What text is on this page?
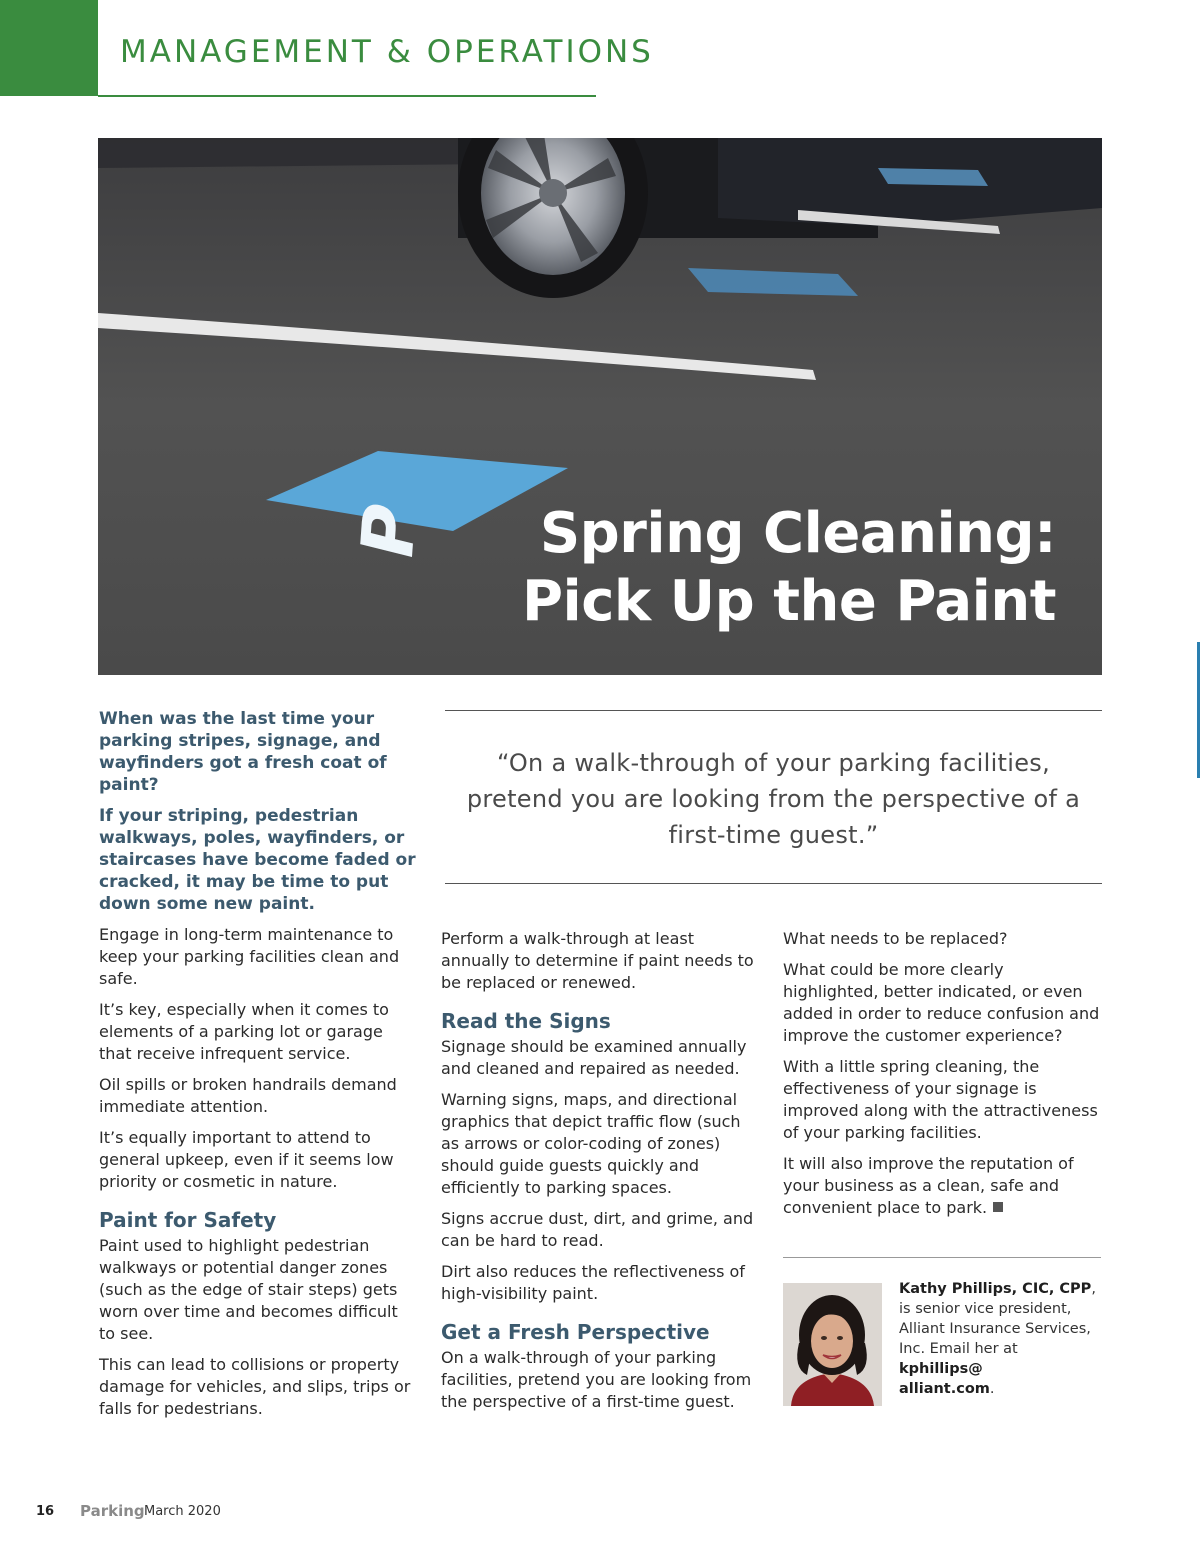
MANAGEMENT & OPERATIONS
P	Spring Cleaning:
Pick Up the Paint

When was the last time your parking stripes, signage, and wayfinders got a fresh coat of paint?

If your striping, pedestrian walkways, poles, wayfinders, or staircases have become faded or cracked, it may be time to put down some new paint.

Engage in long-term maintenance to keep your parking facilities clean and safe.

It’s key, especially when it comes to elements of a parking lot or garage that receive infrequent service.

Oil spills or broken handrails demand immediate attention.

It’s equally important to attend to general upkeep, even if it seems low priority or cosmetic in nature.

Paint for Safety

Paint used to highlight pedestrian walkways or potential danger zones (such as the edge of stair steps) gets worn over time and becomes difficult to see.

This can lead to collisions or property damage for vehicles, and slips, trips or falls for pedestrians.

“On a walk-through of your parking facilities, pretend you are looking from the perspective of a first-time guest.”

Perform a walk-through at least annually to determine if paint needs to be replaced or renewed.

Read the Signs

Signage should be examined annually and cleaned and repaired as needed.

Warning signs, maps, and directional graphics that depict traffic flow (such as arrows or color-coding of zones) should guide guests quickly and efficiently to parking spaces.

Signs accrue dust, dirt, and grime, and can be hard to read.

Dirt also reduces the reflectiveness of high-visibility paint.

Get a Fresh Perspective

On a walk-through of your parking facilities, pretend you are looking from the perspective of a first-time guest.

What needs to be replaced?

What could be more clearly highlighted, better indicated, or even added in order to reduce confusion and improve the customer experience?

With a little spring cleaning, the effectiveness of your signage is improved along with the attractiveness of your parking facilities.

It will also improve the reputation of your business as a clean, safe and convenient place to park.

Kathy Phillips, CIC, CPP, is senior vice president, Alliant Insurance Services, Inc. Email her at kphillips@
alliant.com.
16 Parking March 2020
